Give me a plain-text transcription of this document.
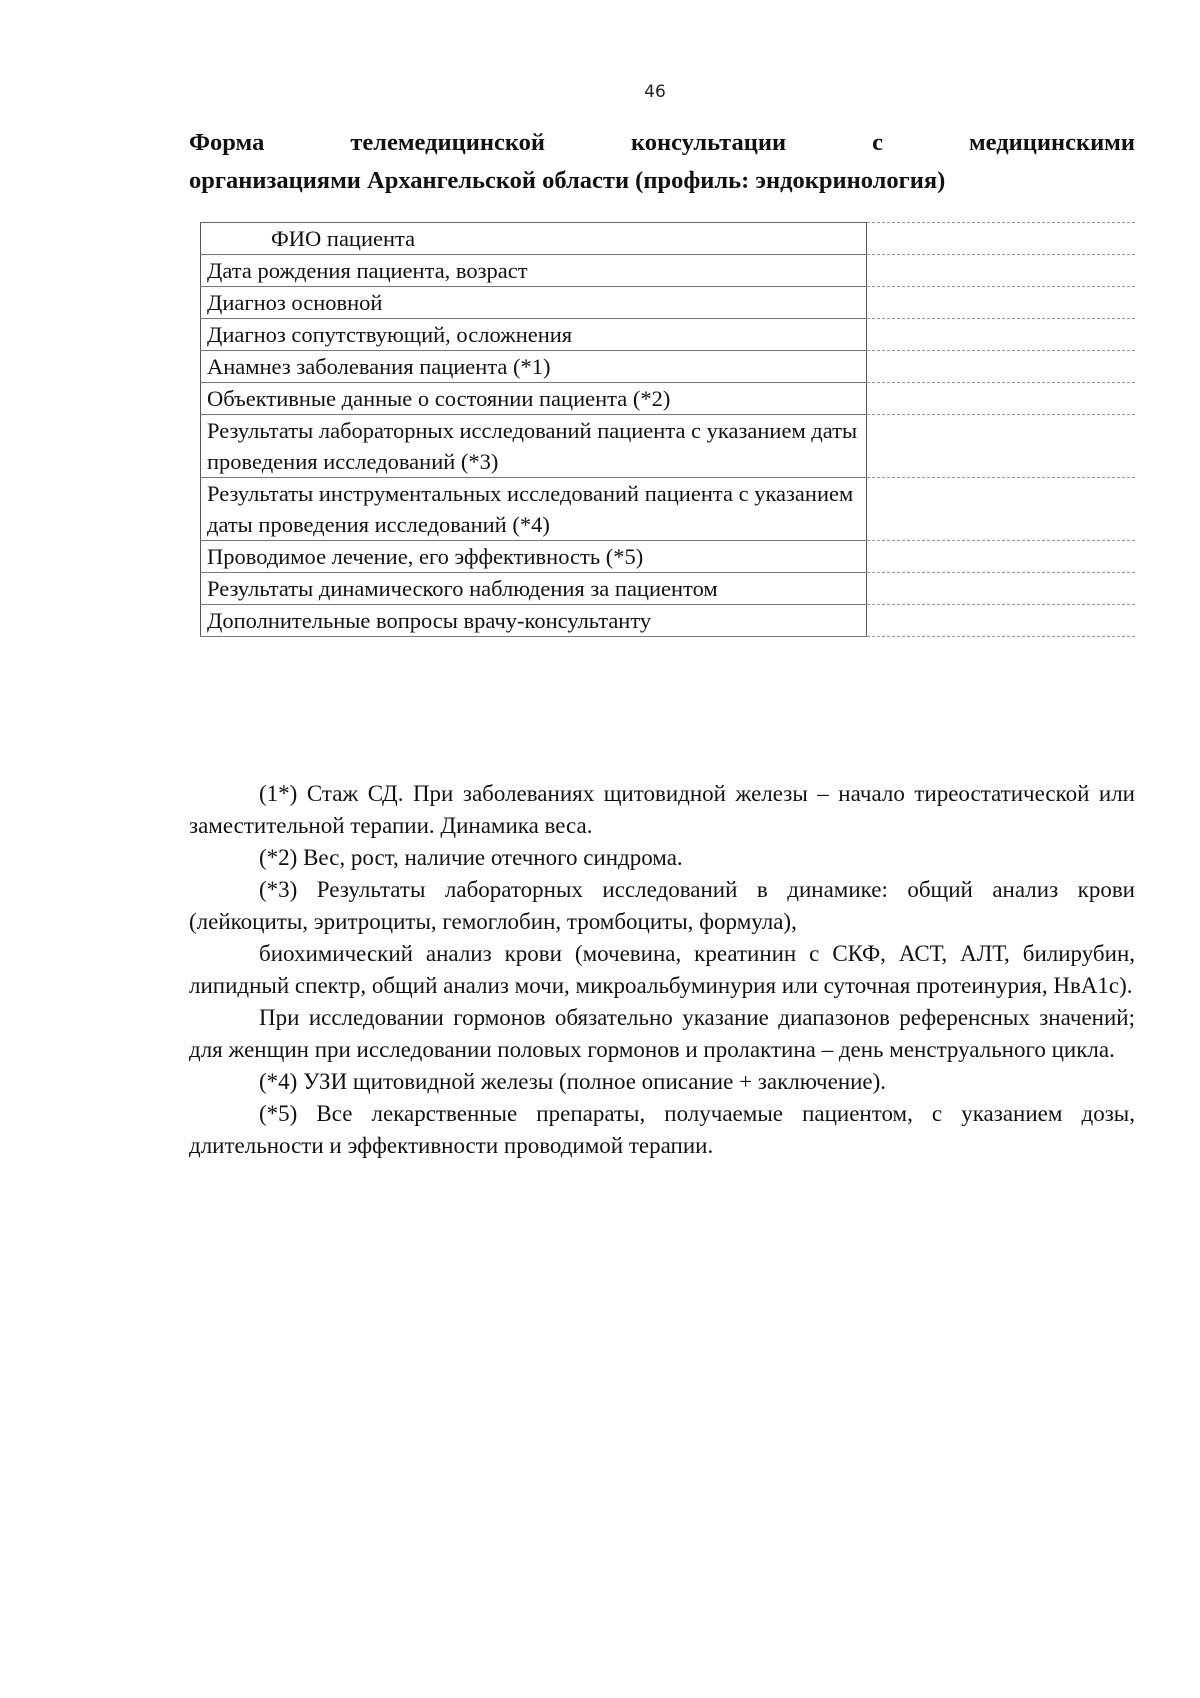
46
Форма телемедицинской консультации с медицинскими
организациями Архангельской области (профиль: эндокринология)
ФИО пациента	
Дата рождения пациента, возраст	
Диагноз основной	
Диагноз сопутствующий, осложнения	
Анамнез заболевания пациента (*1)	
Объективные данные о состоянии пациента (*2)	
Результаты лабораторных исследований пациента с указанием даты проведения исследований (*3)	
Результаты инструментальных исследований пациента с указанием даты проведения исследований (*4)	
Проводимое лечение, его эффективность (*5)	
Результаты динамического наблюдения за пациентом	
Дополнительные вопросы врачу-консультанту	

(1*) Стаж СД. При заболеваниях щитовидной железы – начало тиреостатической или заместительной терапии. Динамика веса.

(*2) Вес, рост, наличие отечного синдрома.

(*3) Результаты лабораторных исследований в динамике: общий анализ крови (лейкоциты, эритроциты, гемоглобин, тромбоциты, формула),

биохимический анализ крови (мочевина, креатинин с СКФ, АСТ, АЛТ, билирубин, липидный спектр, общий анализ мочи, микроальбуминурия или суточная протеинурия, HвA1c).

При исследовании гормонов обязательно указание диапазонов референсных значений; для женщин при исследовании половых гормонов и пролактина – день менструального цикла.

(*4) УЗИ щитовидной железы (полное описание + заключение).

(*5) Все лекарственные препараты, получаемые пациентом, с указанием дозы, длительности и эффективности проводимой терапии.
